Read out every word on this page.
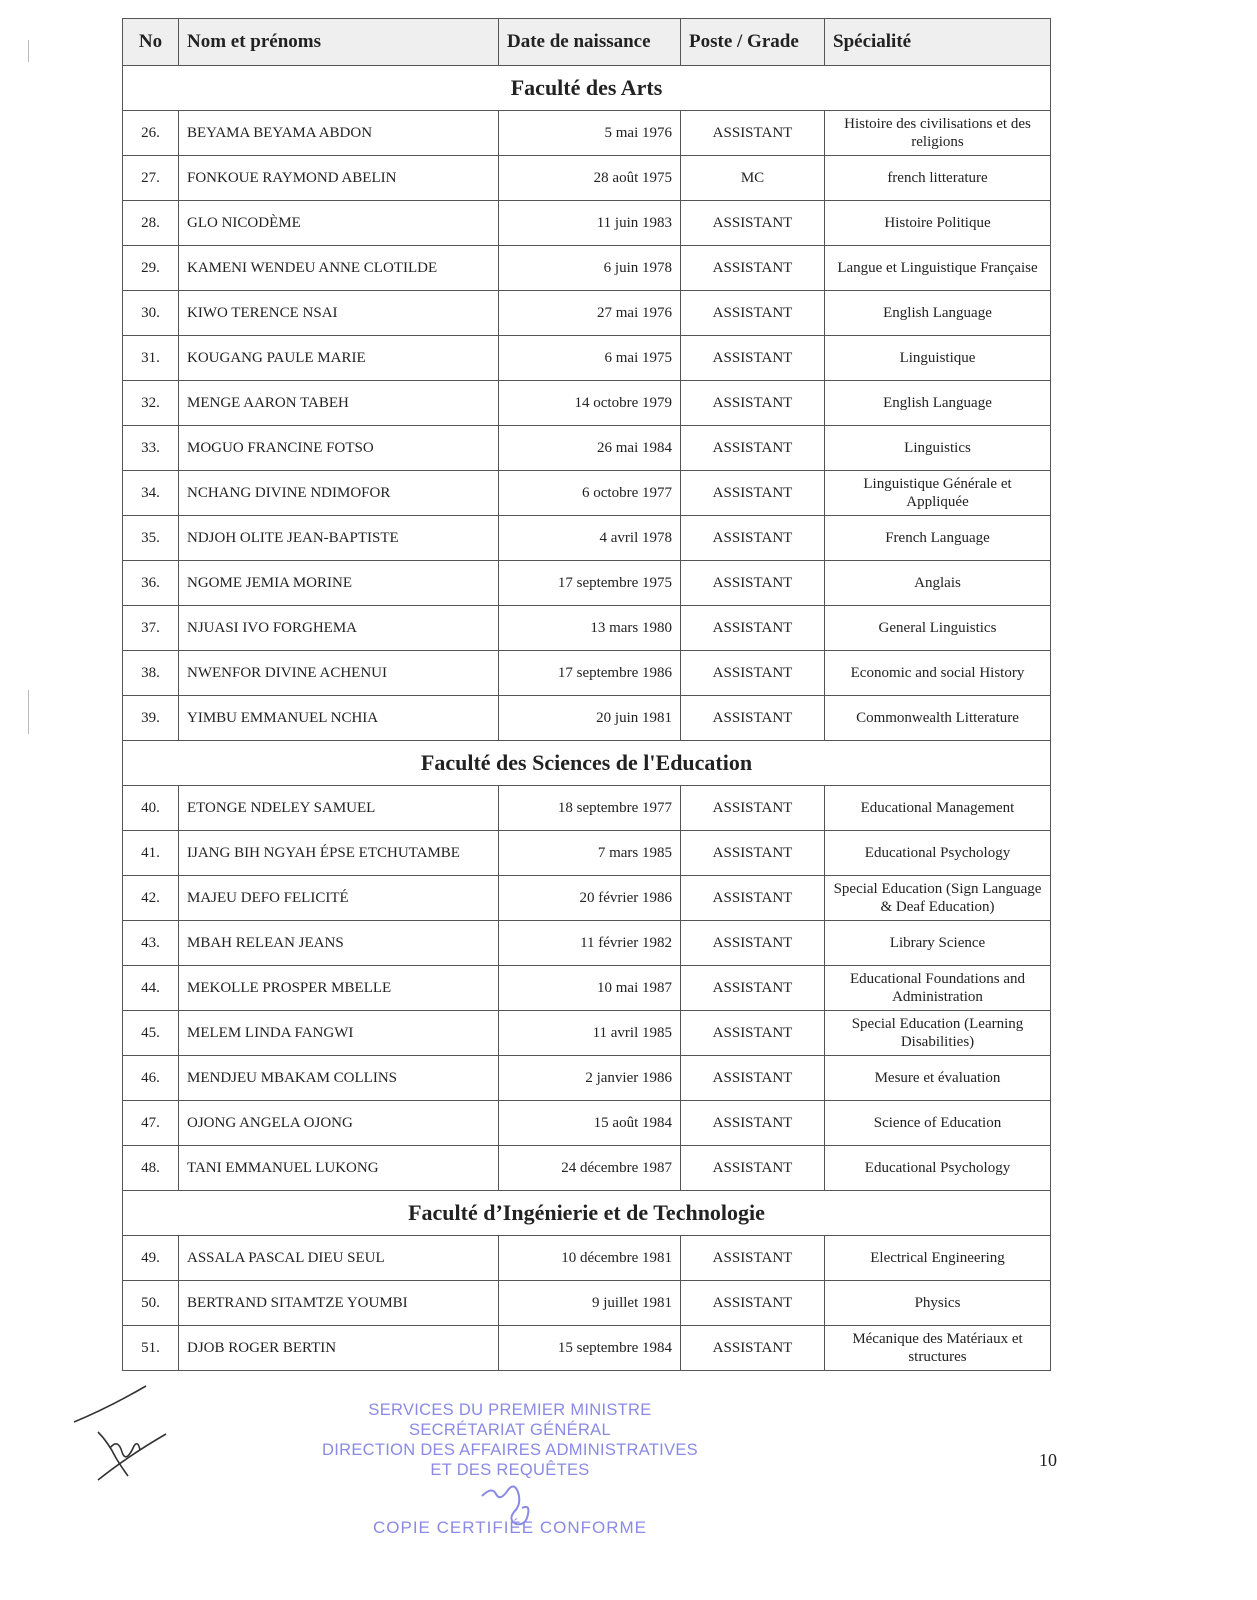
No	Nom et prénoms	Date de naissance	Poste / Grade	Spécialité
Faculté des Arts				
26.	BEYAMA BEYAMA ABDON	5 mai 1976	ASSISTANT	Histoire des civilisations et des religions
27.	FONKOUE RAYMOND ABELIN	28 août 1975	MC	french litterature
28.	GLO NICODÈME	11 juin 1983	ASSISTANT	Histoire Politique
29.	KAMENI WENDEU ANNE CLOTILDE	6 juin 1978	ASSISTANT	Langue et Linguistique Française
30.	KIWO TERENCE NSAI	27 mai 1976	ASSISTANT	English Language
31.	KOUGANG PAULE MARIE	6 mai 1975	ASSISTANT	Linguistique
32.	MENGE AARON TABEH	14 octobre 1979	ASSISTANT	English Language
33.	MOGUO FRANCINE FOTSO	26 mai 1984	ASSISTANT	Linguistics
34.	NCHANG DIVINE NDIMOFOR	6 octobre 1977	ASSISTANT	Linguistique Générale et Appliquée
35.	NDJOH OLITE JEAN-BAPTISTE	4 avril 1978	ASSISTANT	French Language
36.	NGOME JEMIA MORINE	17 septembre 1975	ASSISTANT	Anglais
37.	NJUASI IVO FORGHEMA	13 mars 1980	ASSISTANT	General Linguistics
38.	NWENFOR DIVINE ACHENUI	17 septembre 1986	ASSISTANT	Economic and social History
39.	YIMBU EMMANUEL NCHIA	20 juin 1981	ASSISTANT	Commonwealth Litterature
Faculté des Sciences de l'Education				
40.	ETONGE NDELEY SAMUEL	18 septembre 1977	ASSISTANT	Educational Management
41.	IJANG BIH NGYAH ÉPSE ETCHUTAMBE	7 mars 1985	ASSISTANT	Educational Psychology
42.	MAJEU DEFO FELICITÉ	20 février 1986	ASSISTANT	Special Education (Sign Language & Deaf Education)
43.	MBAH RELEAN JEANS	11 février 1982	ASSISTANT	Library Science
44.	MEKOLLE PROSPER MBELLE	10 mai 1987	ASSISTANT	Educational Foundations and Administration
45.	MELEM LINDA FANGWI	11 avril 1985	ASSISTANT	Special Education (Learning Disabilities)
46.	MENDJEU MBAKAM COLLINS	2 janvier 1986	ASSISTANT	Mesure et évaluation
47.	OJONG ANGELA OJONG	15 août 1984	ASSISTANT	Science of Education
48.	TANI EMMANUEL LUKONG	24 décembre 1987	ASSISTANT	Educational Psychology
Faculté d’Ingénierie et de Technologie				
49.	ASSALA PASCAL DIEU SEUL	10 décembre 1981	ASSISTANT	Electrical Engineering
50.	BERTRAND SITAMTZE YOUMBI	9 juillet 1981	ASSISTANT	Physics
51.	DJOB ROGER BERTIN	15 septembre 1984	ASSISTANT	Mécanique des Matériaux et structures
SERVICES DU PREMIER MINISTRE
SECRÉTARIAT GÉNÉRAL
DIRECTION DES AFFAIRES ADMINISTRATIVES
ET DES REQUÊTES
COPIE CERTIFIÉE CONFORME
10
